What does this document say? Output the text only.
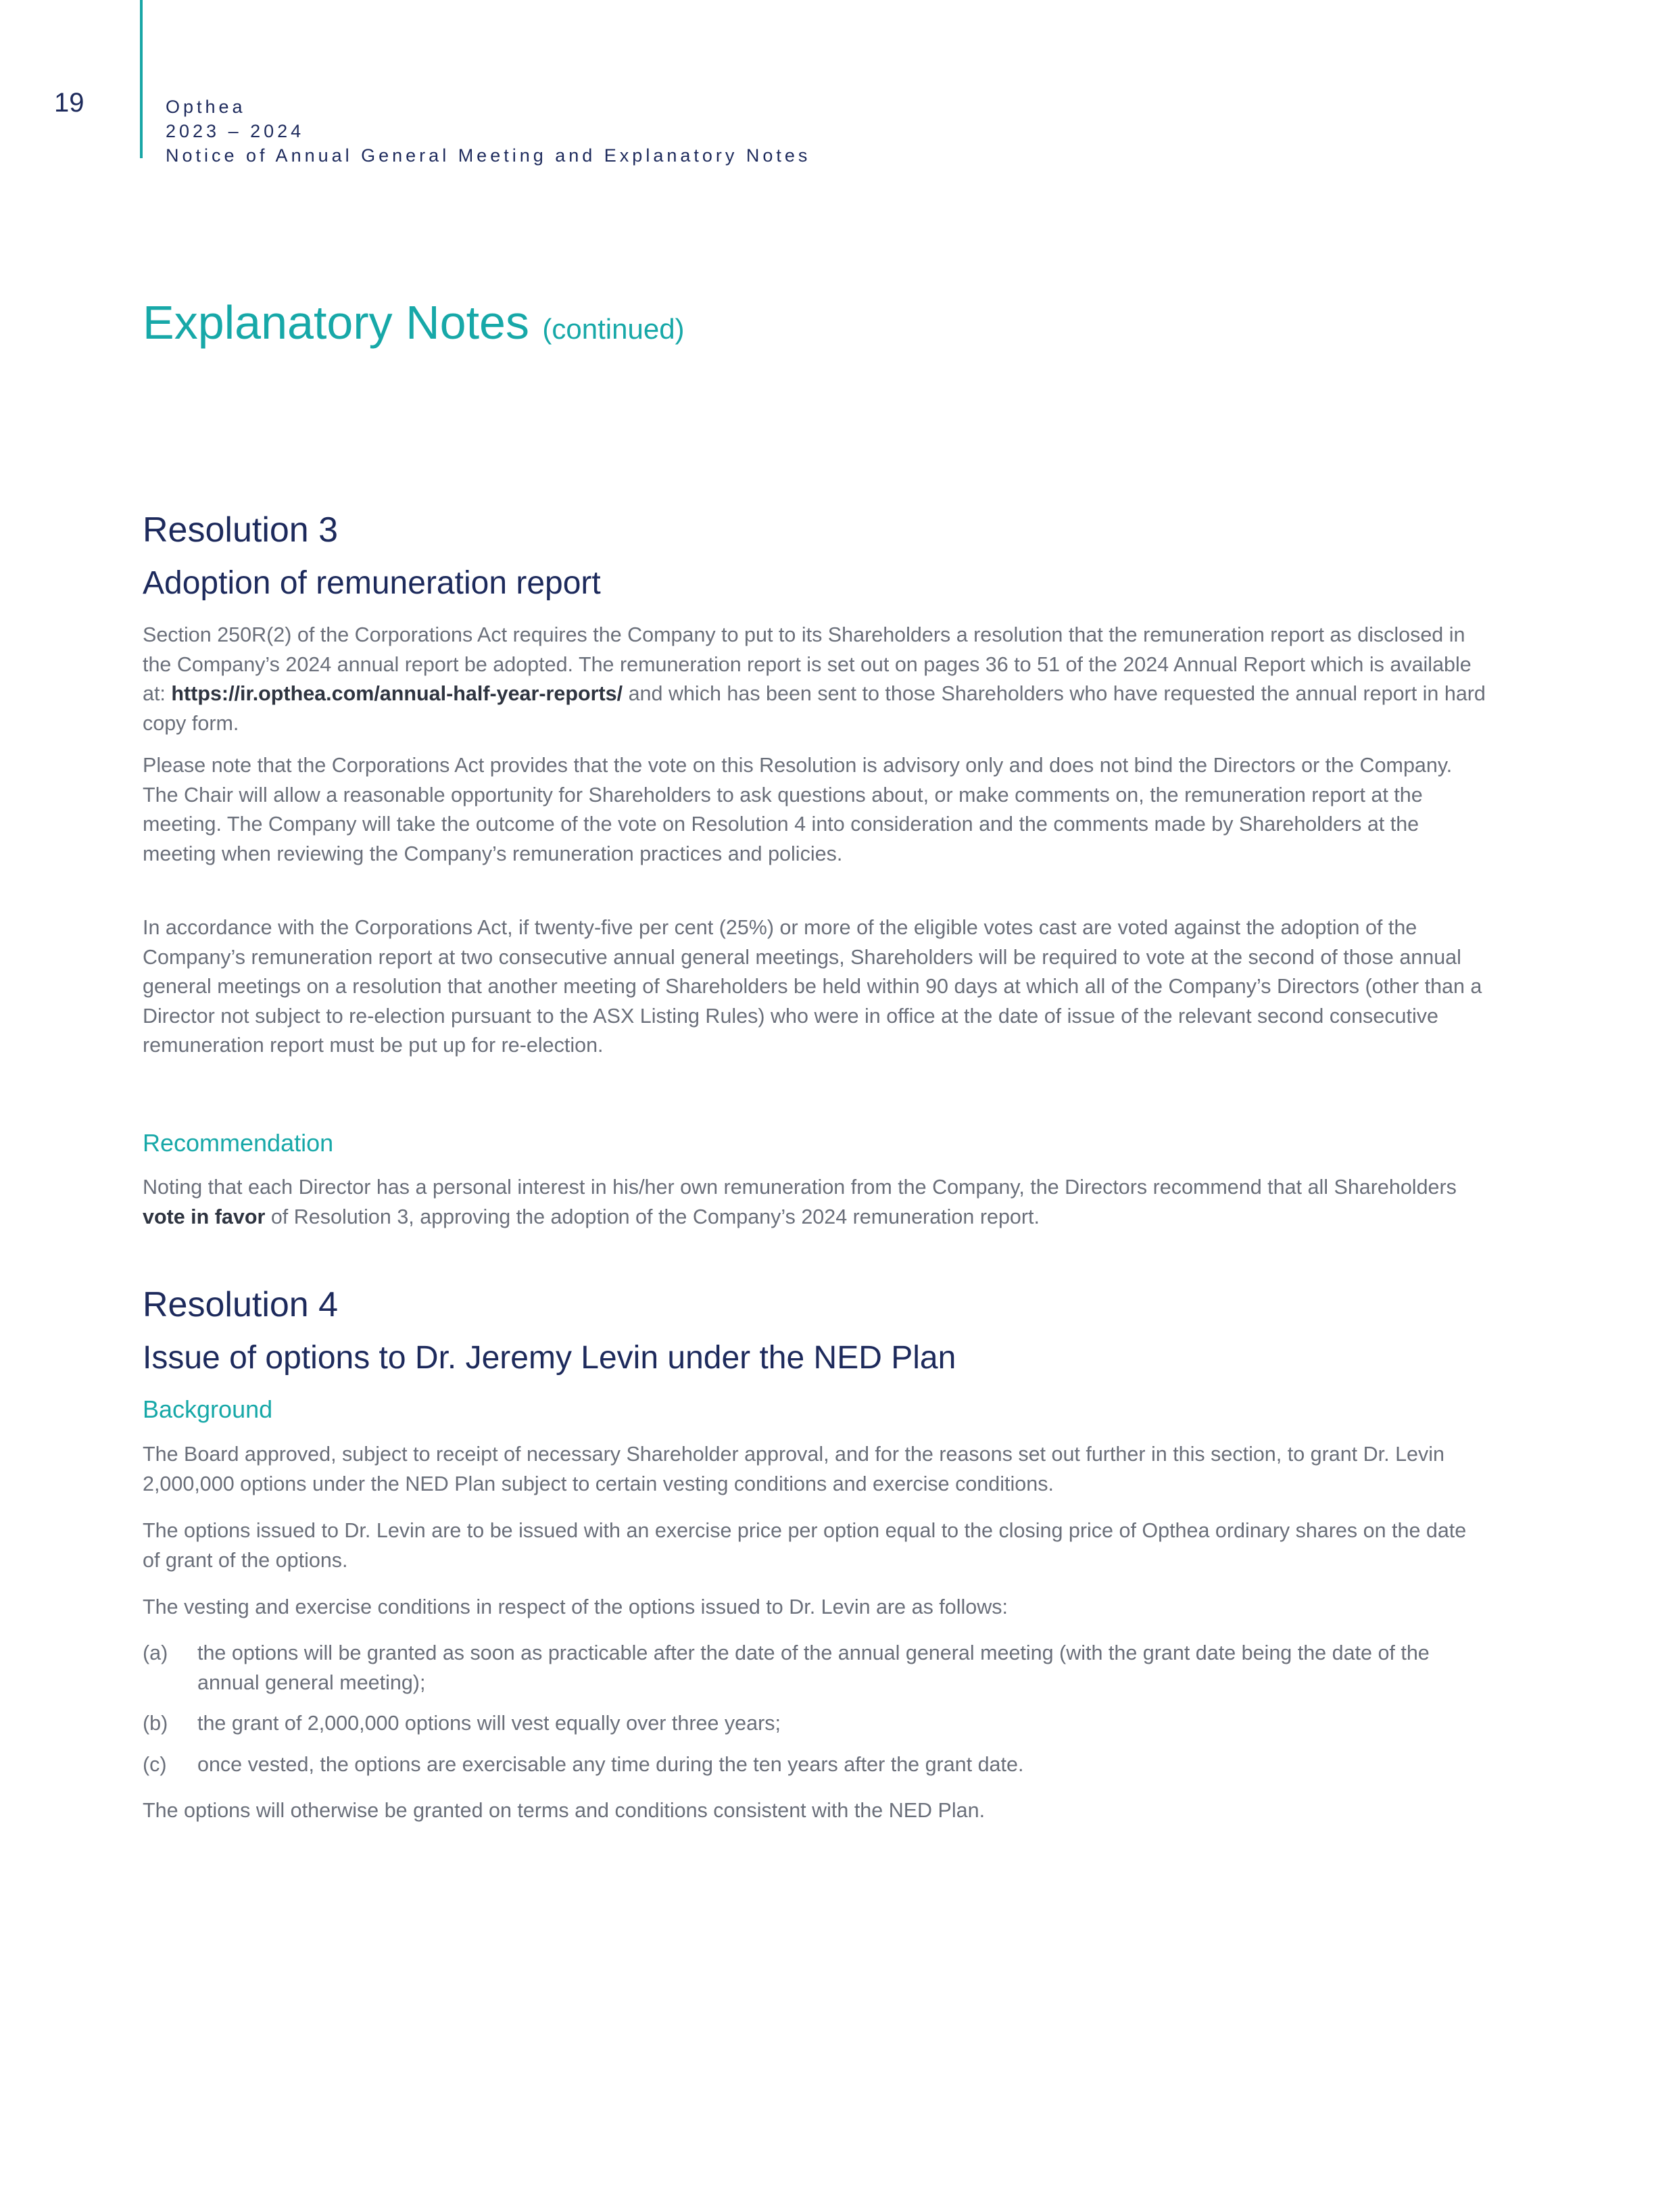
19	Opthea
2023 – 2024
Notice of Annual General Meeting and Explanatory Notes
Explanatory Notes (continued)
Resolution 3
Adoption of remuneration report

Section 250R(2) of the Corporations Act requires the Company to put to its Shareholders a resolution that the remuneration report as disclosed in the Company’s 2024 annual report be adopted. The remuneration report is set out on pages 36 to 51 of the 2024 Annual Report which is available at: https://ir.opthea.com/annual-half-year-reports/ and which has been sent to those Shareholders who have requested the annual report in hard copy form.

Please note that the Corporations Act provides that the vote on this Resolution is advisory only and does not bind the Directors or the Company. The Chair will allow a reasonable opportunity for Shareholders to ask questions about, or make comments on, the remuneration report at the meeting. The Company will take the outcome of the vote on Resolution 4 into consideration and the comments made by Shareholders at the meeting when reviewing the Company’s remuneration practices and policies.

In accordance with the Corporations Act, if twenty-five per cent (25%) or more of the eligible votes cast are voted against the adoption of the Company’s remuneration report at two consecutive annual general meetings, Shareholders will be required to vote at the second of those annual general meetings on a resolution that another meeting of Shareholders be held within 90 days at which all of the Company’s Directors (other than a Director not subject to re-election pursuant to the ASX Listing Rules) who were in office at the date of issue of the relevant second consecutive remuneration report must be put up for re-election.

Recommendation

Noting that each Director has a personal interest in his/her own remuneration from the Company, the Directors recommend that all Shareholders vote in favor of Resolution 3, approving the adoption of the Company’s 2024 remuneration report.

Resolution 4
Issue of options to Dr. Jeremy Levin under the NED Plan
Background

The Board approved, subject to receipt of necessary Shareholder approval, and for the reasons set out further in this section, to grant Dr. Levin 2,000,000 options under the NED Plan subject to certain vesting conditions and exercise conditions.

The options issued to Dr. Levin are to be issued with an exercise price per option equal to the closing price of Opthea ordinary shares on the date of grant of the options.

The vesting and exercise conditions in respect of the options issued to Dr. Levin are as follows:

(a) the options will be granted as soon as practicable after the date of the annual general meeting (with the grant date being the date of the annual general meeting);
(b) the grant of 2,000,000 options will vest equally over three years;
(c) once vested, the options are exercisable any time during the ten years after the grant date.

The options will otherwise be granted on terms and conditions consistent with the NED Plan.
